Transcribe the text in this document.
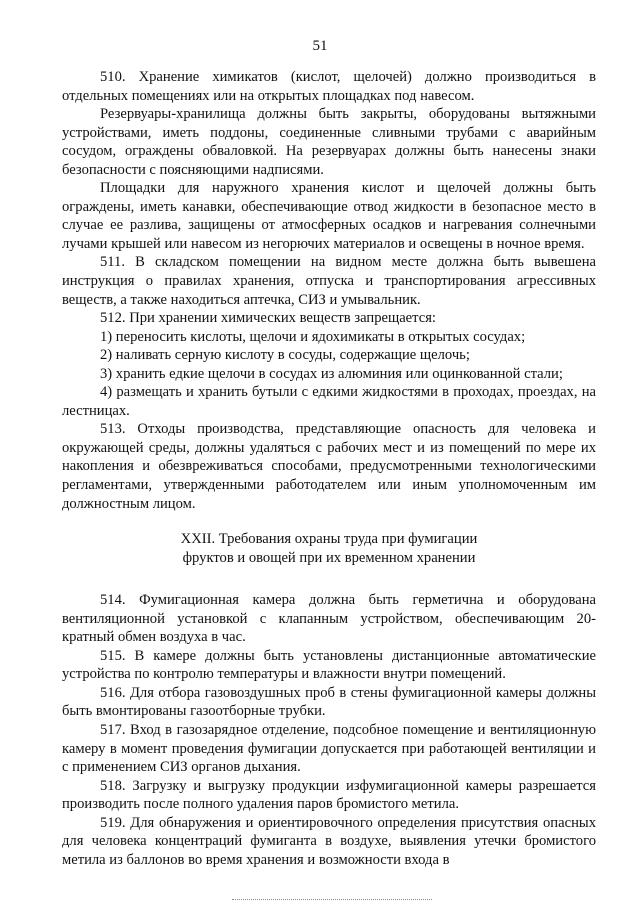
51

510. Хранение химикатов (кислот, щелочей) должно производиться в отдельных помещениях или на открытых площадках под навесом.

Резервуары-хранилища должны быть закрыты, оборудованы вытяжными устройствами, иметь поддоны, соединенные сливными трубами с аварийным сосудом, ограждены обваловкой. На резервуарах должны быть нанесены знаки безопасности с поясняющими надписями.

Площадки для наружного хранения кислот и щелочей должны быть ограждены, иметь канавки, обеспечивающие отвод жидкости в безопасное место в случае ее разлива, защищены от атмосферных осадков и нагревания солнечными лучами крышей или навесом из негорючих материалов и освещены в ночное время.

511. В складском помещении на видном месте должна быть вывешена инструкция о правилах хранения, отпуска и транспортирования агрессивных веществ, а также находиться аптечка, СИЗ и умывальник.

512. При хранении химических веществ запрещается:

1) переносить кислоты, щелочи и ядохимикаты в открытых сосудах;

2) наливать серную кислоту в сосуды, содержащие щелочь;

3) хранить едкие щелочи в сосудах из алюминия или оцинкованной стали;

4) размещать и хранить бутыли с едкими жидкостями в проходах, проездах, на лестницах.

513. Отходы производства, представляющие опасность для человека и окружающей среды, должны удаляться с рабочих мест и из помещений по мере их накопления и обезвреживаться способами, предусмотренными технологическими регламентами, утвержденными работодателем или иным уполномоченным им должностным лицом.

XXII. Требования охраны труда при фумигации
фруктов и овощей при их временном хранении

514. Фумигационная камера должна быть герметична и оборудована вентиляционной установкой с клапанным устройством, обеспечивающим 20-кратный обмен воздуха в час.

515. В камере должны быть установлены дистанционные автоматические устройства по контролю температуры и влажности внутри помещений.

516. Для отбора газовоздушных проб в стены фумигационной камеры должны быть вмонтированы газоотборные трубки.

517. Вход в газозарядное отделение, подсобное помещение и вентиляционную камеру в момент проведения фумигации допускается при работающей вентиляции и с применением СИЗ органов дыхания.

518. Загрузку и выгрузку продукции изфумигационной камеры разрешается производить после полного удаления паров бромистого метила.

519. Для обнаружения и ориентировочного определения присутствия опасных для человека концентраций фумиганта в воздухе, выявления утечки бромистого метила из баллонов во время хранения и возможности входа в
